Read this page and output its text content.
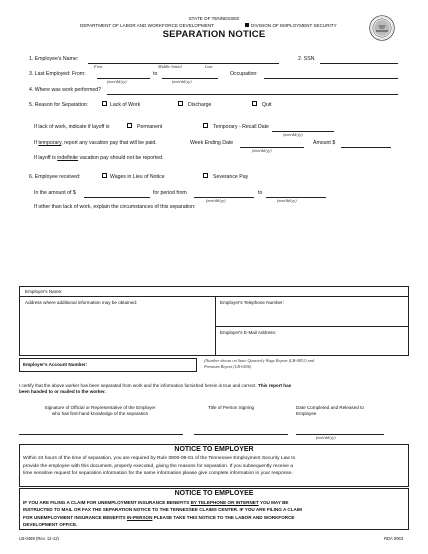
STATE OF TENNESSEE
DEPARTMENT OF LABOR AND WORKFORCE DEVELOPMENT	DIVISION OF EMPLOYMENT SECURITY
SEPARATION NOTICE
1. Employee's Name:
First	Middle Initial	Last
2. SSN
3. Last Employed: From:
(mm/dd/yy)
to
(mm/dd/yy)
Occupation:
4. Where was work performed?
5. Reason for Separation:	Lack of Work	Discharge	Quit
If lack of work, indicate if layoff is	Permanent	Temporary - Recall Date
(mm/dd/yy)
If temporary, report any vacation pay that will be paid.	Week Ending Date
(mm/dd/yy)
Amount $
If layoff is indefinite vacation pay should not be reported.
6. Employee received:	Wages in Lieu of Notice	Severance Pay
In the amount of $	for period from
(mm/dd/yy)
to
(mm/dd/yy)
If other than lack of work, explain the circumstances of this separation:
Employer's Name:
Address where additional information may be obtained:	Employer's Telephone Number:
Employer's E-Mail Address:
Employer's Account Number:
(Number shown on State Quarterly Wage Report (LB-0851) and
Premium Report (LB-0456)
I certify that the above worker has been separated from work and the information furnished herein is true and correct. This report has
been handed to or mailed to the worker.
Signature of Official or Representative of the Employer
who has first-hand knowledge of the separation
Title of Person Signing	Date Completed and Released to
Employee
(mm/dd/yy)
NOTICE TO EMPLOYER
Within 24 hours of the time of separation, you are required by Rule 0800-09-01 of the Tennessee Employment Security Law to
provide the employee with this document, properly executed, giving the reasons for separation. If you subsequently receive a
time sensitive request for separation information for the same information please give complete information in your response.
NOTICE TO EMPLOYEE
IF YOU ARE FILING A CLAIM FOR UNEMPLOYMENT INSURANCE BENEFITS BY TELEPHONE OR INTERNET YOU MAY BE
INSTRUCTED TO MAIL OR FAX THE SEPARATION NOTICE TO THE TENNESSEE CLAIMS CENTER. IF YOU ARE FILING A CLAIM
FOR UNEMPLOYMENT INSURANCE BENEFITS IN-PERSON PLEASE TAKE THIS NOTICE TO THE LABOR AND WORKFORCE
DEVELOPMENT OFFICE.
LB-0489 (Rev. 12-12)	RDA 0063
